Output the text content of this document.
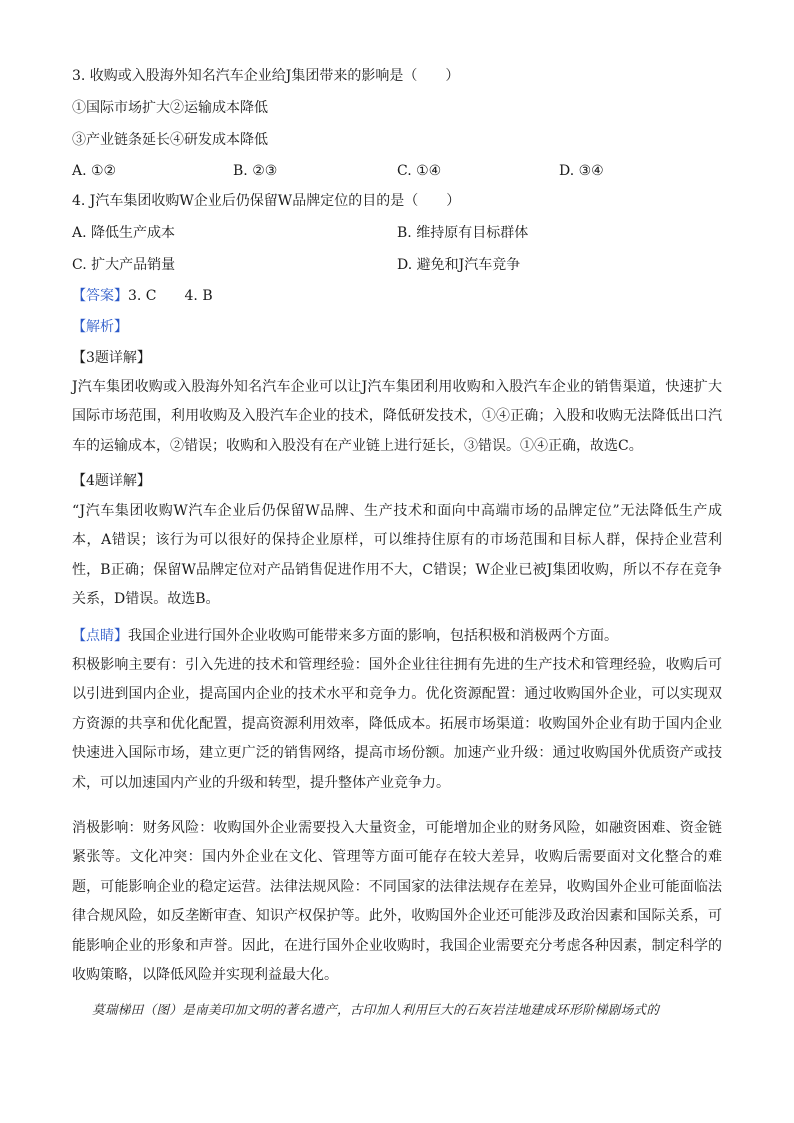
3. 收购或入股海外知名汽车企业给J集团带来的影响是（　　）
①国际市场扩大②运输成本降低
③产业链条延长④研发成本降低
A. ①②	B. ②③	C. ①④	D. ③④
4. J汽车集团收购W企业后仍保留W品牌定位的目的是（　　）
A. 降低生产成本	B. 维持原有目标群体
C. 扩大产品销量	D. 避免和J汽车竞争
【答案】3. C　　4. B
【解析】
【3题详解】
J汽车集团收购或入股海外知名汽车企业可以让J汽车集团利用收购和入股汽车企业的销售渠道，快速扩大国际市场范围，利用收购及入股汽车企业的技术，降低研发技术，①④正确；入股和收购无法降低出口汽车的运输成本，②错误；收购和入股没有在产业链上进行延长，③错误。①④正确，故选C。
【4题详解】
“J汽车集团收购W汽车企业后仍保留W品牌、生产技术和面向中高端市场的品牌定位”无法降低生产成本，A错误；该行为可以很好的保持企业原样，可以维持住原有的市场范围和目标人群，保持企业营利性，B正确；保留W品牌定位对产品销售促进作用不大，C错误；W企业已被J集团收购，所以不存在竞争关系，D错误。故选B。
【点睛】我国企业进行国外企业收购可能带来多方面的影响，包括积极和消极两个方面。
积极影响主要有：引入先进的技术和管理经验：国外企业往往拥有先进的生产技术和管理经验，收购后可以引进到国内企业，提高国内企业的技术水平和竞争力。优化资源配置：通过收购国外企业，可以实现双方资源的共享和优化配置，提高资源利用效率，降低成本。拓展市场渠道：收购国外企业有助于国内企业快速进入国际市场，建立更广泛的销售网络，提高市场份额。加速产业升级：通过收购国外优质资产或技术，可以加速国内产业的升级和转型，提升整体产业竞争力。
消极影响：财务风险：收购国外企业需要投入大量资金，可能增加企业的财务风险，如融资困难、资金链紧张等。文化冲突：国内外企业在文化、管理等方面可能存在较大差异，收购后需要面对文化整合的难题，可能影响企业的稳定运营。法律法规风险：不同国家的法律法规存在差异，收购国外企业可能面临法律合规风险，如反垄断审查、知识产权保护等。此外，收购国外企业还可能涉及政治因素和国际关系，可能影响企业的形象和声誉。因此，在进行国外企业收购时，我国企业需要充分考虑各种因素，制定科学的收购策略，以降低风险并实现利益最大化。
莫瑞梯田（图）是南美印加文明的著名遗产，古印加人利用巨大的石灰岩洼地建成环形阶梯剧场式的
